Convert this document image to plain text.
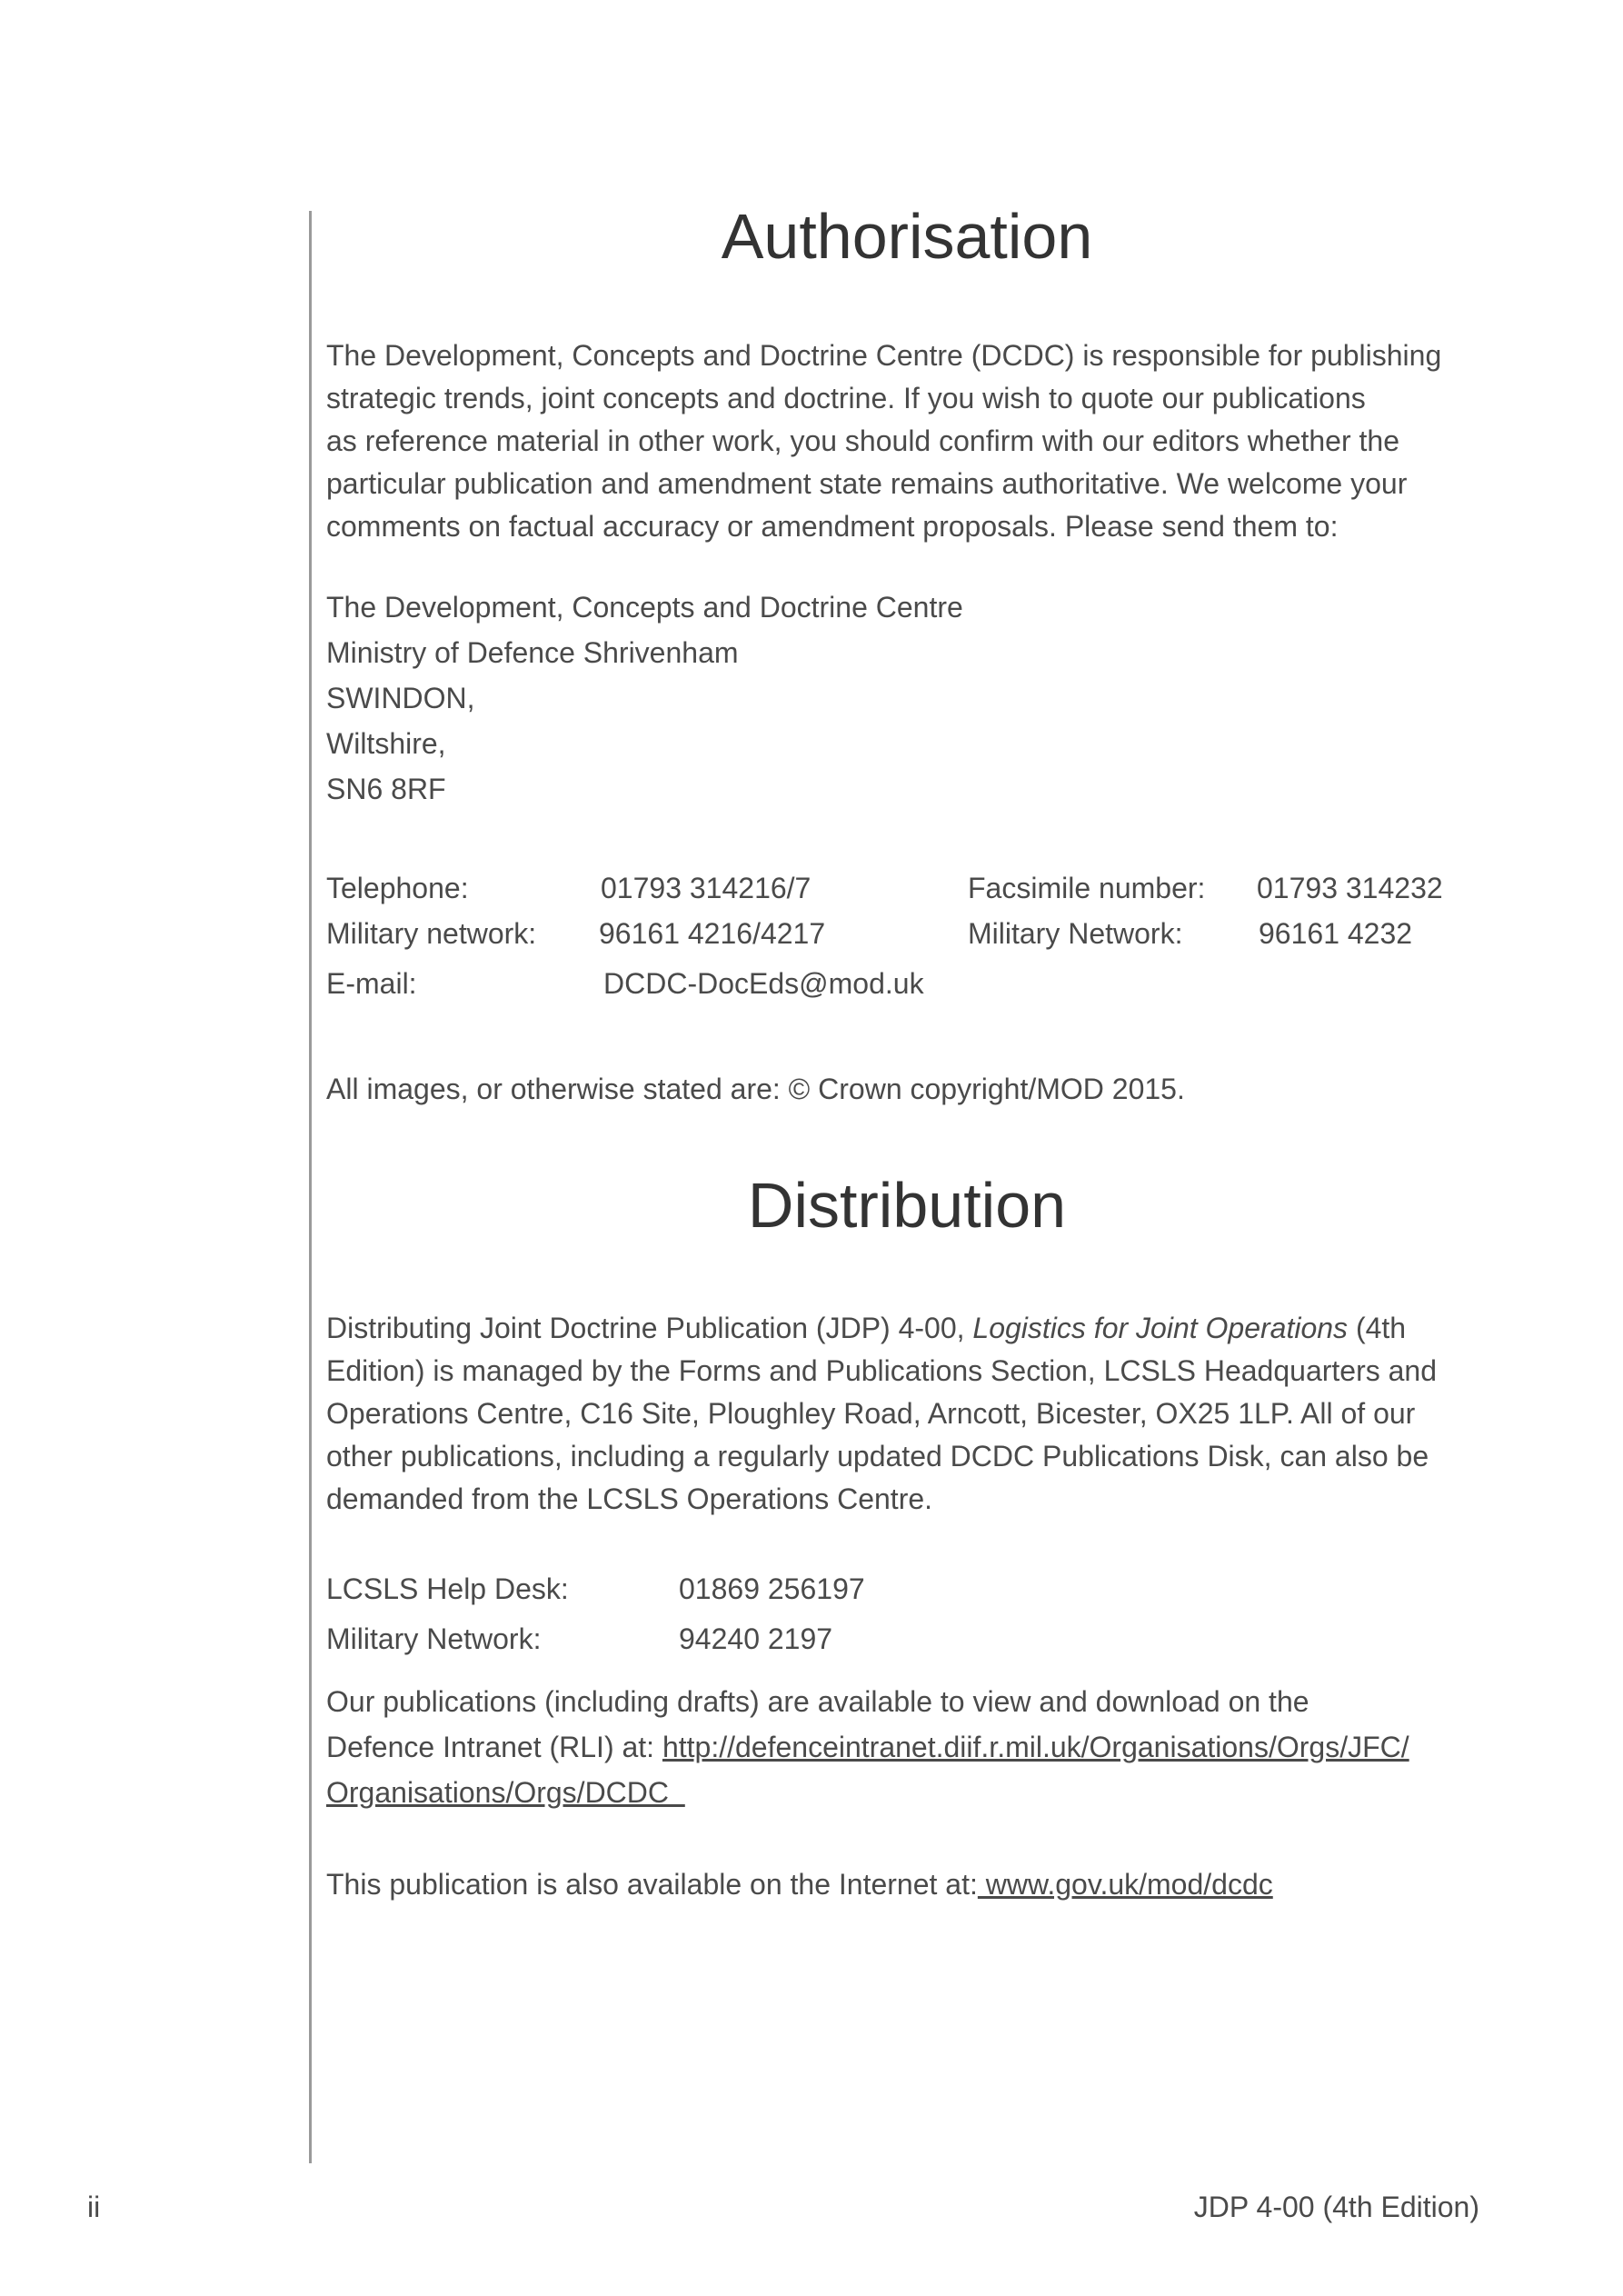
Authorisation

The Development, Concepts and Doctrine Centre (DCDC) is responsible for publishing
strategic trends, joint concepts and doctrine. If you wish to quote our publications
as reference material in other work, you should confirm with our editors whether the
particular publication and amendment state remains authoritative. We welcome your
comments on factual accuracy or amendment proposals. Please send them to:

The Development, Concepts and Doctrine Centre
Ministry of Defence Shrivenham
SWINDON,
Wiltshire,
SN6 8RF
Telephone:	01793 314216/7	Facsimile number: 01793 314232
Military network: 96161 4216/4217	Military Network:	96161 4232
E-mail:	DCDC-DocEds@mod.uk
All images, or otherwise stated are: © Crown copyright/MOD 2015.
Distribution

Distributing Joint Doctrine Publication (JDP) 4-00, Logistics for Joint Operations (4th
Edition) is managed by the Forms and Publications Section, LCSLS Headquarters and
Operations Centre, C16 Site, Ploughley Road, Arncott, Bicester, OX25 1LP. All of our
other publications, including a regularly updated DCDC Publications Disk, can also be
demanded from the LCSLS Operations Centre.

LCSLS Help Desk:	01869 256197
Military Network:	94240 2197
Our publications (including drafts) are available to view and download on the
Defence Intranet (RLI) at: http://defenceintranet.diif.r.mil.uk/Organisations/Orgs/JFC/
Organisations/Orgs/DCDC
This publication is also available on the Internet at: www.gov.uk/mod/dcdc
ii	JDP 4-00 (4th Edition)
